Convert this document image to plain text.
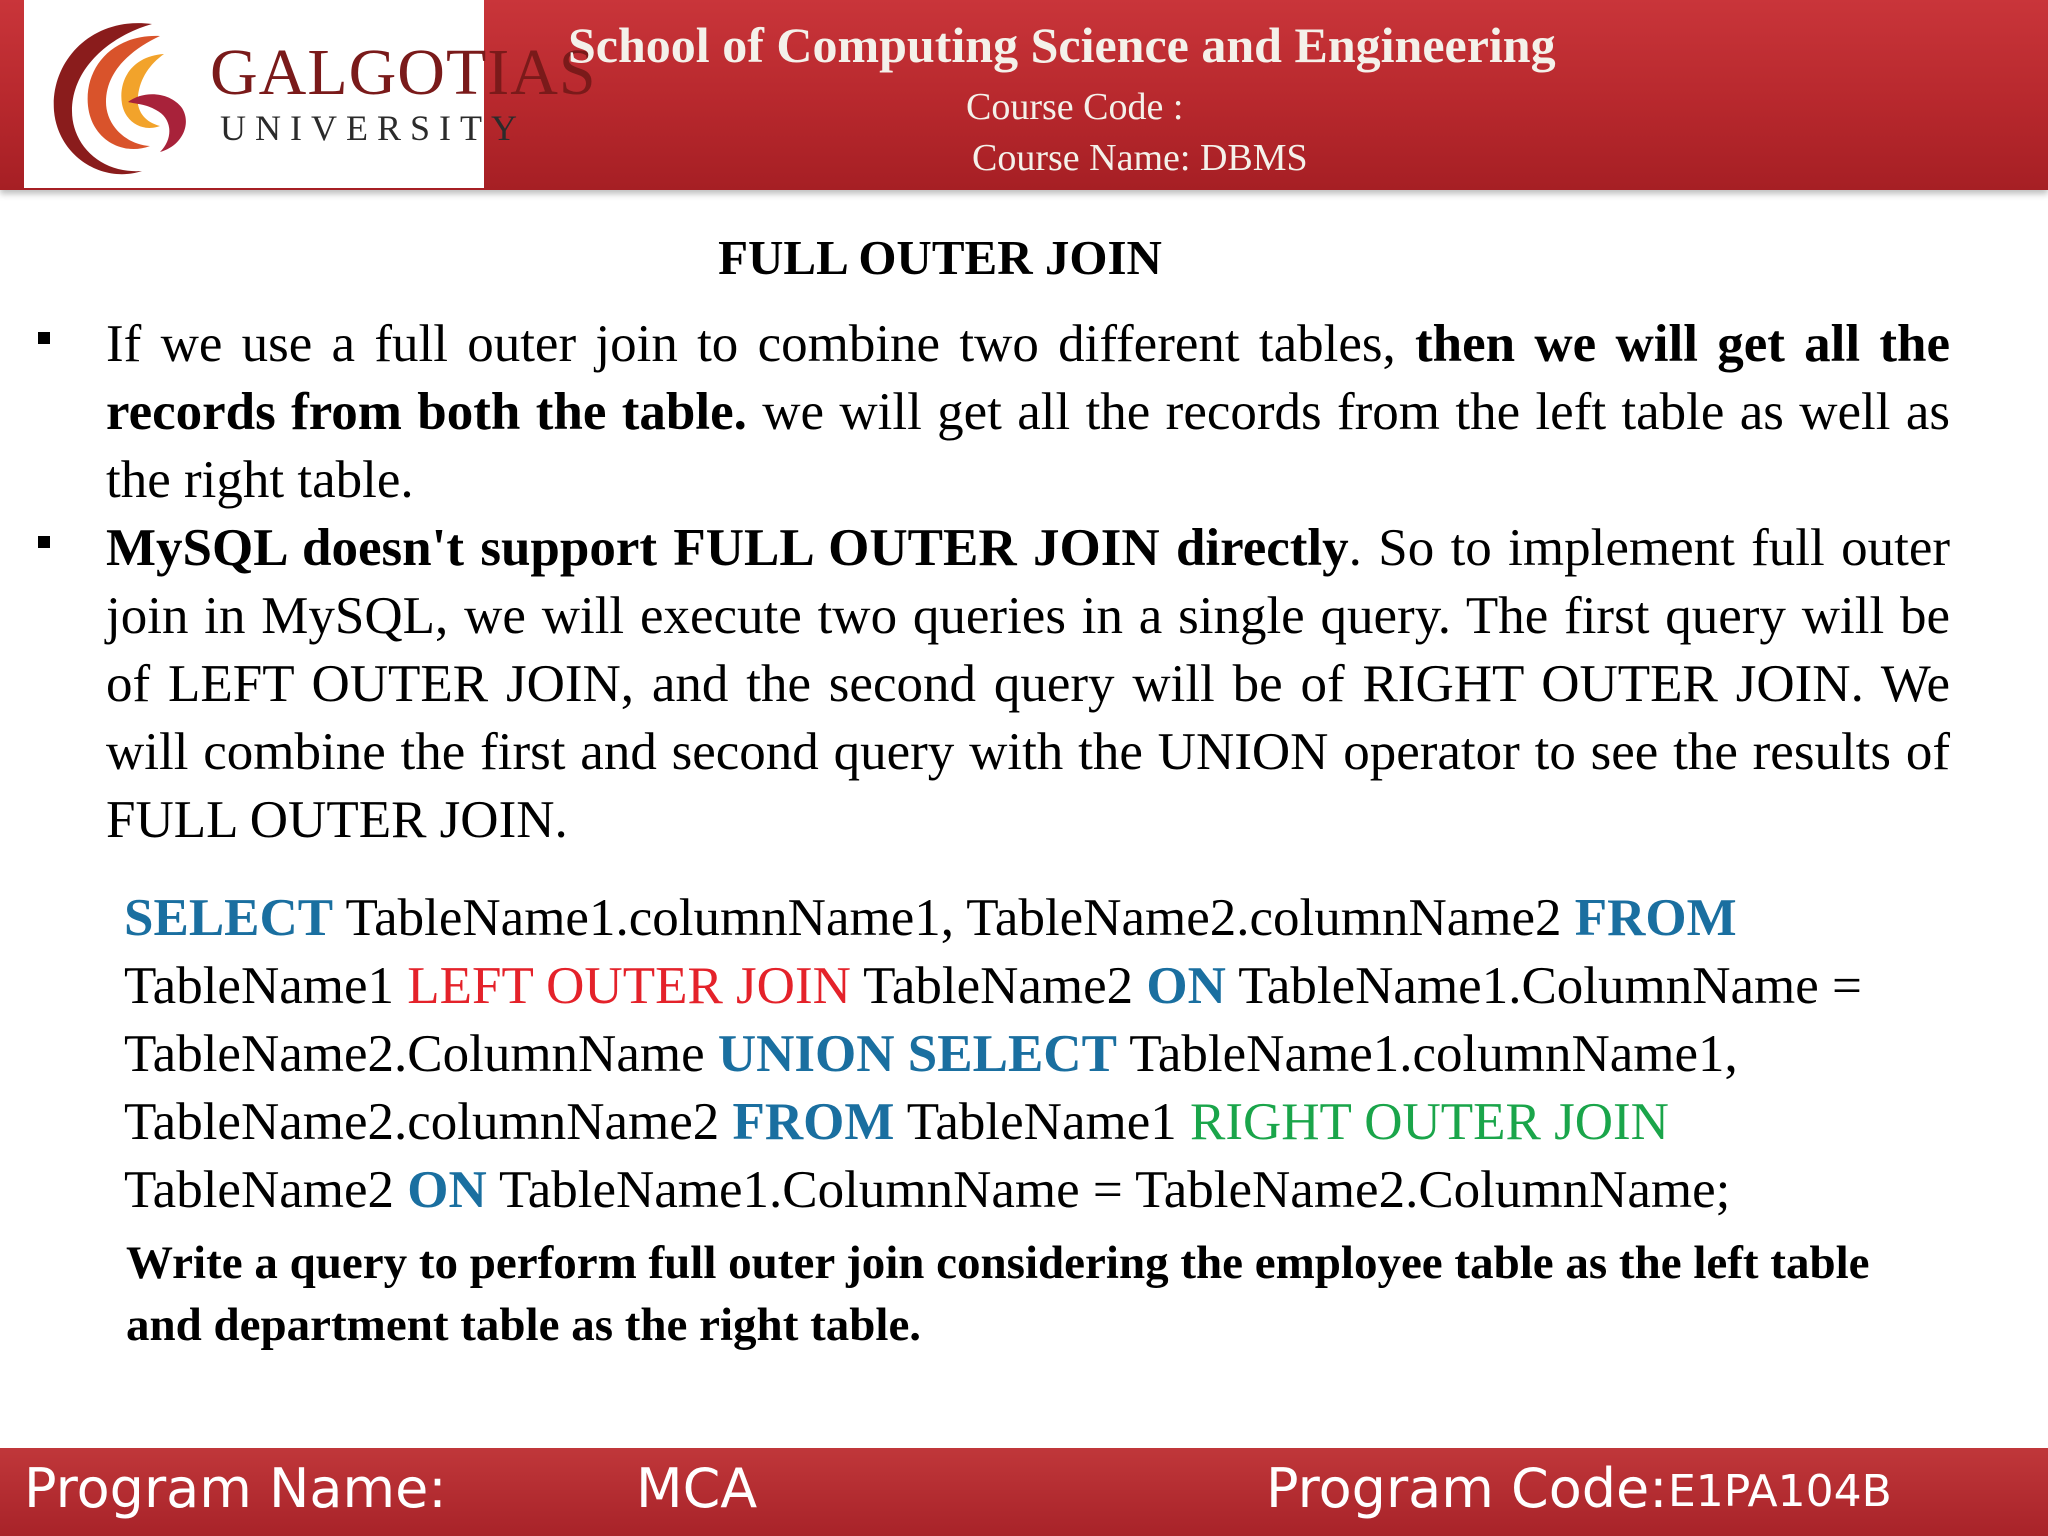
GALGOTIAS
UNIVERSITY
School of Computing Science and Engineering
Course Code :
Course Name: DBMS
FULL OUTER JOIN
If we use a full outer join to combine two different tables, then we will get all the records from both the table. we will get all the records from the left table as well as the right table.
MySQL doesn't support FULL OUTER JOIN directly. So to implement full outer join in MySQL, we will execute two queries in a single query. The first query will be of LEFT OUTER JOIN, and the second query will be of RIGHT OUTER JOIN. We will combine the first and second query with the UNION operator to see the results of FULL OUTER JOIN.
SELECT TableName1.columnName1, TableName2.columnName2 FROM TableName1 LEFT OUTER JOIN TableName2 ON TableName1.ColumnName = TableName2.ColumnName UNION SELECT TableName1.columnName1, TableName2.columnName2 FROM TableName1 RIGHT OUTER JOIN TableName2 ON TableName1.ColumnName = TableName2.ColumnName;
Write a query to perform full outer join considering the employee table as the left table and department table as the right table.
Program Name:	MCA	Program Code: E1PA104B
